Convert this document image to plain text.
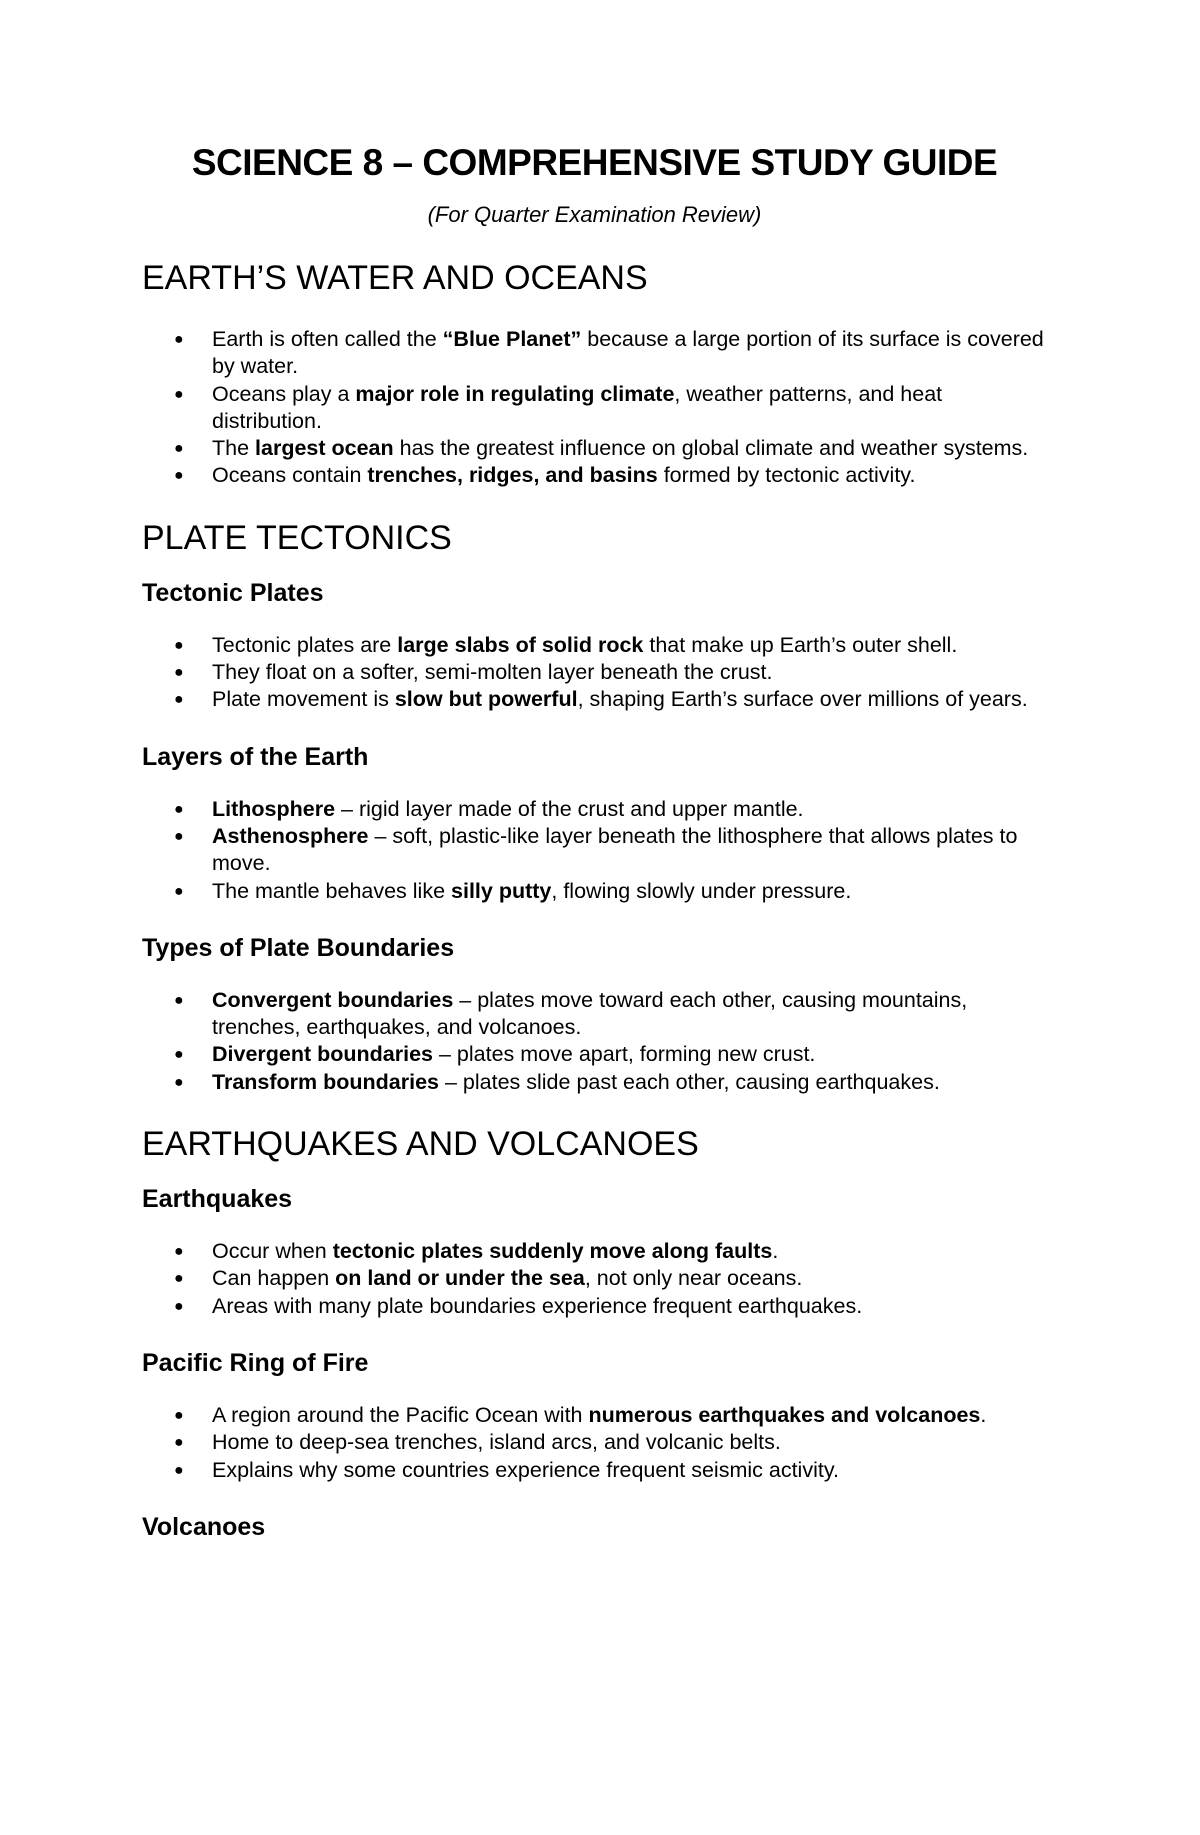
SCIENCE 8 – COMPREHENSIVE STUDY GUIDE

(For Quarter Examination Review)

EARTH’S WATER AND OCEANS
● Earth is often called the “Blue Planet” because a large portion of its surface is covered by water.
● Oceans play a major role in regulating climate, weather patterns, and heat distribution.
● The largest ocean has the greatest influence on global climate and weather systems.
● Oceans contain trenches, ridges, and basins formed by tectonic activity.
PLATE TECTONICS
Tectonic Plates
● Tectonic plates are large slabs of solid rock that make up Earth’s outer shell.
● They float on a softer, semi-molten layer beneath the crust.
● Plate movement is slow but powerful, shaping Earth’s surface over millions of years.
Layers of the Earth
● Lithosphere – rigid layer made of the crust and upper mantle.
● Asthenosphere – soft, plastic-like layer beneath the lithosphere that allows plates to move.
● The mantle behaves like silly putty, flowing slowly under pressure.
Types of Plate Boundaries
● Convergent boundaries – plates move toward each other, causing mountains, trenches, earthquakes, and volcanoes.
● Divergent boundaries – plates move apart, forming new crust.
● Transform boundaries – plates slide past each other, causing earthquakes.
EARTHQUAKES AND VOLCANOES
Earthquakes
● Occur when tectonic plates suddenly move along faults.
● Can happen on land or under the sea, not only near oceans.
● Areas with many plate boundaries experience frequent earthquakes.
Pacific Ring of Fire
● A region around the Pacific Ocean with numerous earthquakes and volcanoes.
● Home to deep-sea trenches, island arcs, and volcanic belts.
● Explains why some countries experience frequent seismic activity.
Volcanoes
